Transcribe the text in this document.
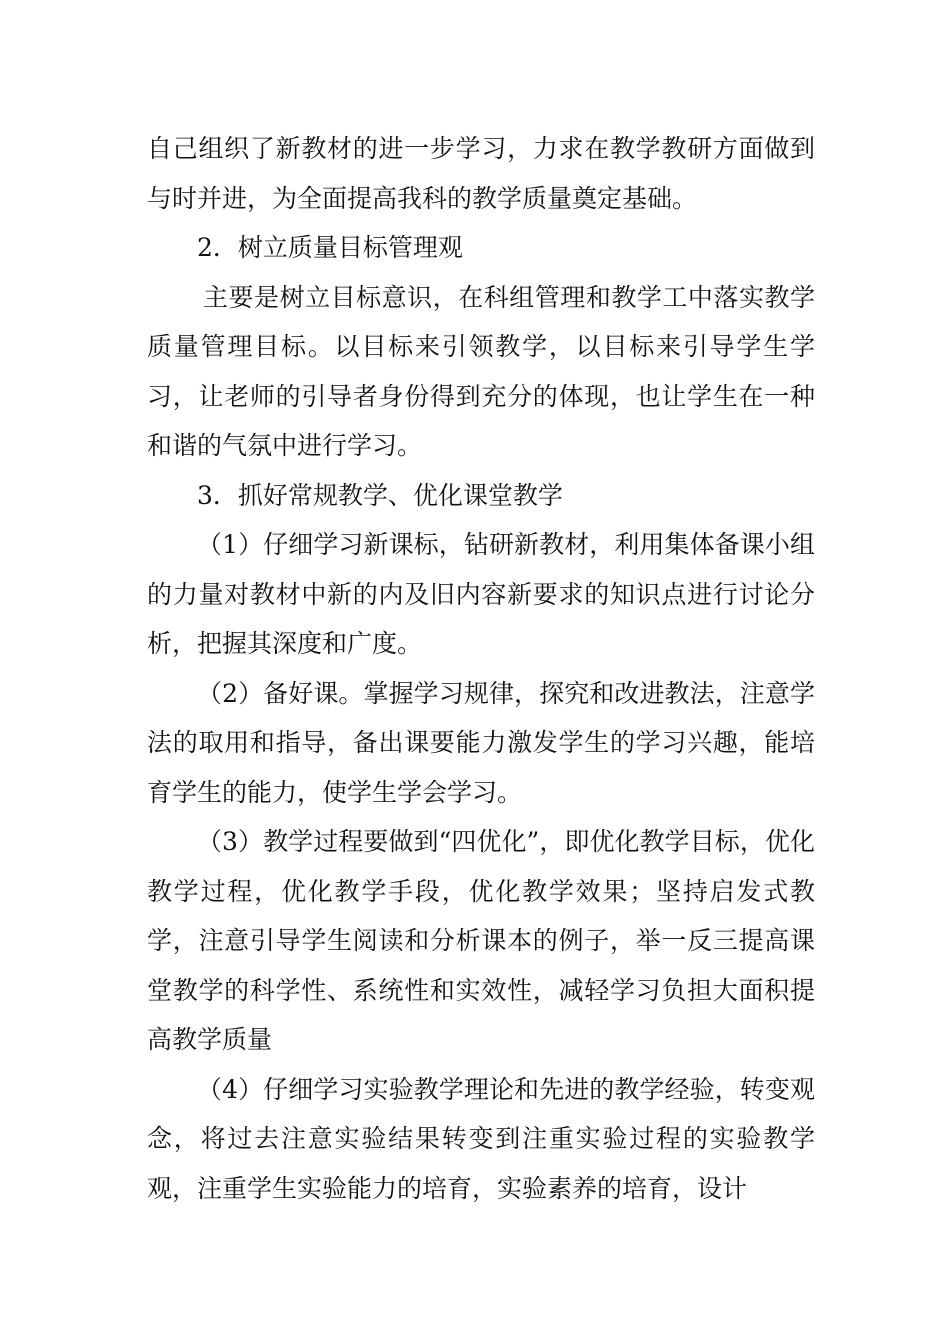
自己组织了新教材的进一步学习，力求在教学教研方面做到与时并进，为全面提高我科的教学质量奠定基础。

2．树立质量目标管理观

主要是树立目标意识，在科组管理和教学工中落实教学质量管理目标。以目标来引领教学，以目标来引导学生学习，让老师的引导者身份得到充分的体现，也让学生在一种和谐的气氛中进行学习。

3．抓好常规教学、优化课堂教学

（1）仔细学习新课标，钻研新教材，利用集体备课小组的力量对教材中新的内及旧内容新要求的知识点进行讨论分析，把握其深度和广度。

（2）备好课。掌握学习规律，探究和改进教法，注意学法的取用和指导，备出课要能力激发学生的学习兴趣，能培育学生的能力，使学生学会学习。

（3）教学过程要做到“四优化”，即优化教学目标，优化教学过程，优化教学手段，优化教学效果；坚持启发式教学，注意引导学生阅读和分析课本的例子，举一反三提高课堂教学的科学性、系统性和实效性，减轻学习负担大面积提高教学质量

（4）仔细学习实验教学理论和先进的教学经验，转变观念，将过去注意实验结果转变到注重实验过程的实验教学观，注重学生实验能力的培育，实验素养的培育，设计
